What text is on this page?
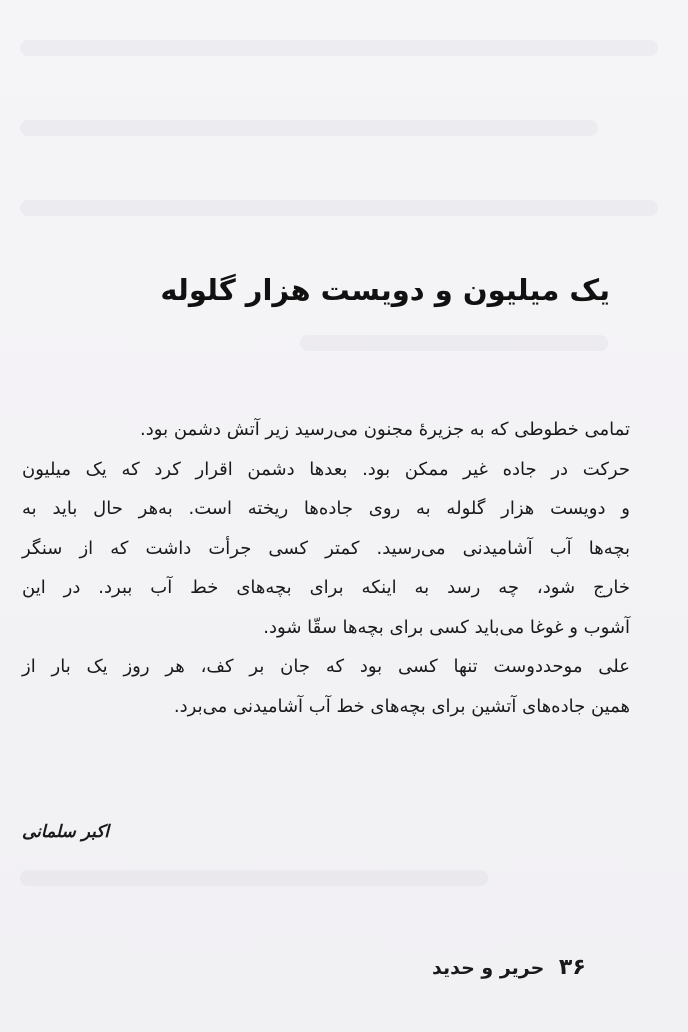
یک میلیون و دویست هزار گلوله
تمامی خطوطی که به جزیرهٔ مجنون می‌رسید زیر آتش دشمن بود.
حرکت در جاده غیر ممکن بود. بعدها دشمن اقرار کرد که یک میلیون
و دویست هزار گلوله به روی جاده‌ها ریخته است. به‌هر حال باید به
بچه‌ها آب آشامیدنی می‌رسید. کمتر کسی جرأت داشت که از سنگر
خارج شود، چه رسد به اینکه برای بچه‌های خط آب ببرد. در این
آشوب و غوغا می‌باید کسی برای بچه‌ها سقّا شود.
علی موحددوست تنها کسی بود که جان بر کف، هر روز یک بار از
همین جاده‌های آتشین برای بچه‌های خط آب آشامیدنی می‌برد.
اکبر سلمانی
۳۶ حریر و حدید
